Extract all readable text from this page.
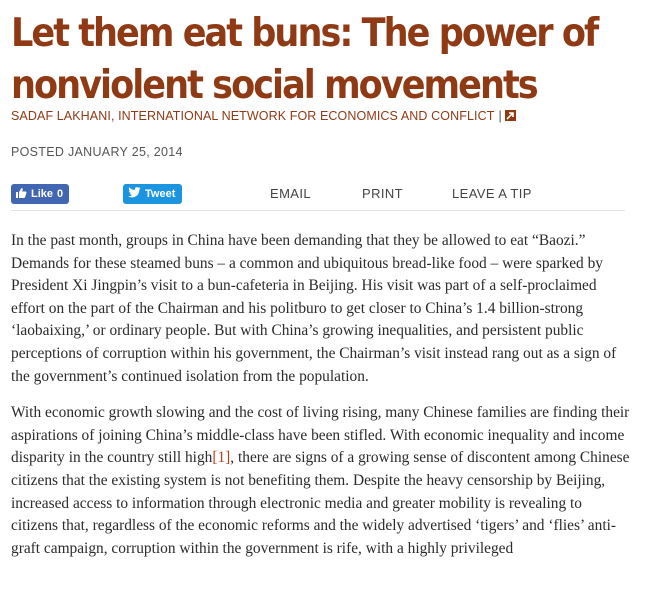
Let them eat buns: The power of nonviolent social movements
SADAF LAKHANI, INTERNATIONAL NETWORK FOR ECONOMICS AND CONFLICT |
POSTED JANUARY 25, 2014
Like 0	Tweet	EMAIL	PRINT	LEAVE A TIP

In the past month, groups in China have been demanding that they be allowed to eat “Baozi.” Demands for these steamed buns – a common and ubiquitous bread-like food – were sparked by President Xi Jingpin’s visit to a bun-cafeteria in Beijing. His visit was part of a self-proclaimed effort on the part of the Chairman and his politburo to get closer to China’s 1.4 billion-strong ‘laobaixing,’ or ordinary people. But with China’s growing inequalities, and persistent public perceptions of corruption within his government, the Chairman’s visit instead rang out as a sign of the government’s continued isolation from the population.

With economic growth slowing and the cost of living rising, many Chinese families are finding their aspirations of joining China’s middle-class have been stifled. With economic inequality and income disparity in the country still high[1], there are signs of a growing sense of discontent among Chinese citizens that the existing system is not benefiting them. Despite the heavy censorship by Beijing, increased access to information through electronic media and greater mobility is revealing to citizens that, regardless of the economic reforms and the widely advertised ‘tigers’ and ‘flies’ anti-graft campaign, corruption within the government is rife, with a highly privileged
